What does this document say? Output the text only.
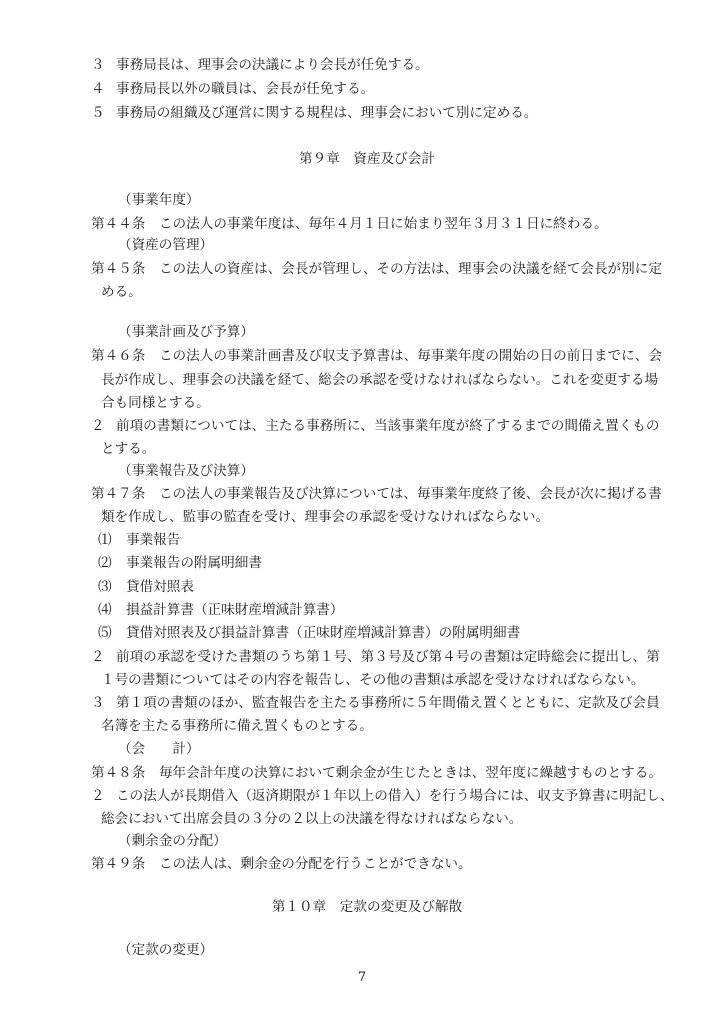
３ 事務局長は、理事会の決議により会長が任免する。
４ 事務局長以外の職員は、会長が任免する。
５ 事務局の組織及び運営に関する規程は、理事会において別に定める。
第９章　資産及び会計
（事業年度）
第４４条　この法人の事業年度は、毎年４月１日に始まり翌年３月３１日に終わる。
（資産の管理）
第４５条　この法人の資産は、会長が管理し、その方法は、理事会の決議を経て会長が別に定
める。
（事業計画及び予算）
第４６条　この法人の事業計画書及び収支予算書は、毎事業年度の開始の日の前日までに、会
長が作成し、理事会の決議を経て、総会の承認を受けなければならない。これを変更する場
合も同様とする。
２ 前項の書類については、主たる事務所に、当該事業年度が終了するまでの間備え置くもの
とする。
（事業報告及び決算）
第４７条　この法人の事業報告及び決算については、毎事業年度終了後、会長が次に掲げる書
類を作成し、監事の監査を受け、理事会の承認を受けなければならない。
⑴ 事業報告
⑵ 事業報告の附属明細書
⑶ 貸借対照表
⑷ 損益計算書（正味財産増減計算書）
⑸ 貸借対照表及び損益計算書（正味財産増減計算書）の附属明細書
２ 前項の承認を受けた書類のうち第１号、第３号及び第４号の書類は定時総会に提出し、第
１号の書類についてはその内容を報告し、その他の書類は承認を受けなければならない。
３ 第１項の書類のほか、監査報告を主たる事務所に５年間備え置くとともに、定款及び会員
名簿を主たる事務所に備え置くものとする。
（会　　計）
第４８条　毎年会計年度の決算において剰余金が生じたときは、翌年度に繰越すものとする。
２ この法人が長期借入（返済期限が１年以上の借入）を行う場合には、収支予算書に明記し、
総会において出席会員の３分の２以上の決議を得なければならない。
（剰余金の分配）
第４９条　この法人は、剰余金の分配を行うことができない。
第１０章　定款の変更及び解散
（定款の変更）
7
